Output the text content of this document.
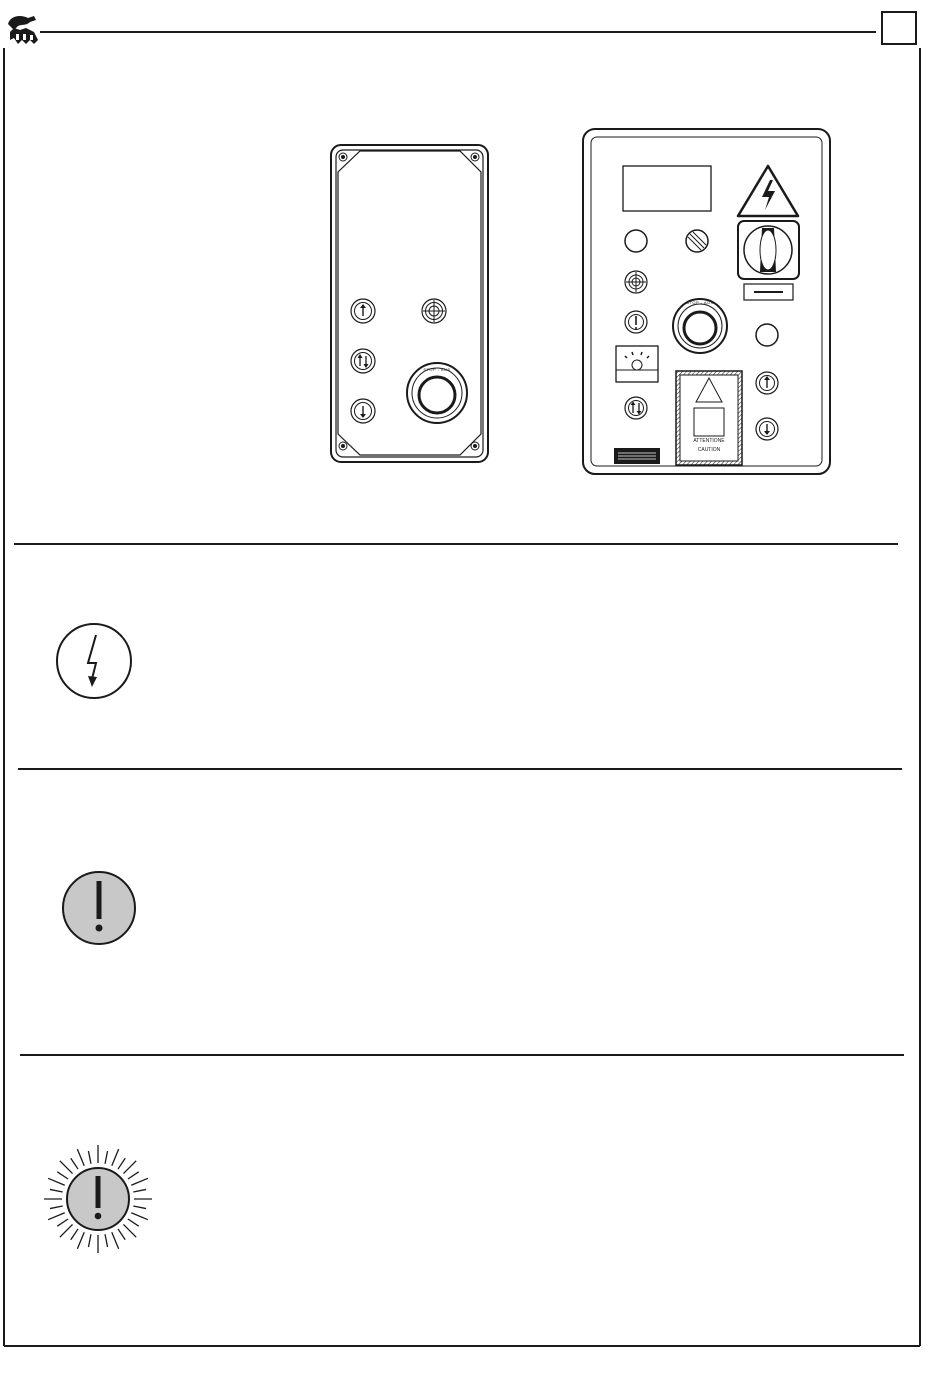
STOP - AUS
STOP - AUS
ATTENTIONE
CAUTION
